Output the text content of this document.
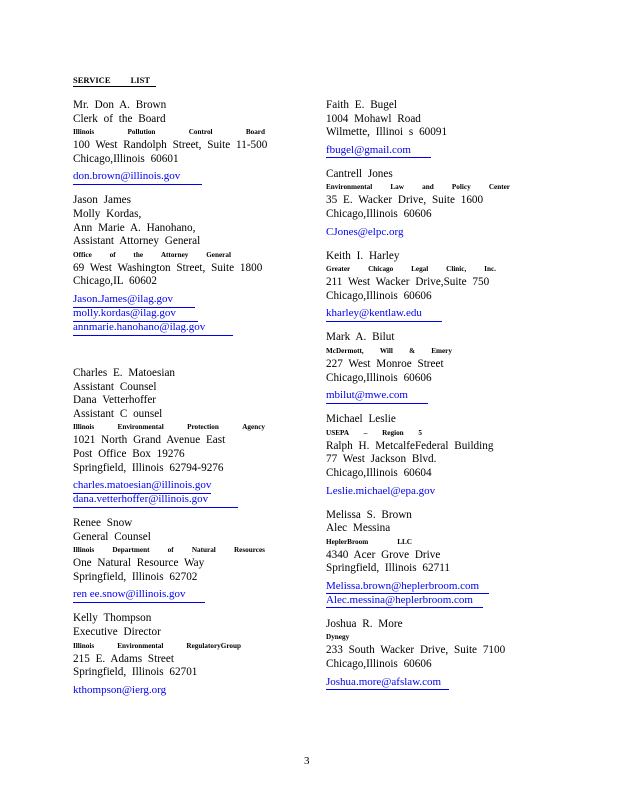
SERVICE LIST
Mr. Don A. Brown
Clerk of the Board
Illinois	Pollution	Control	Board
100 West Randolph Street, Suite 11-500
Chicago,Illinois 60601
don.brown@illinois.gov
Jason James
Molly Kordas,
Ann Marie A. Hanohano,
Assistant Attorney General
Office of the Attorney General
69 West Washington Street, Suite 1800
Chicago,IL 60602
Jason.James@ilag.gov
molly.kordas@ilag.gov
annmarie.hanohano@ilag.gov
Charles E. Matoesian
Assistant Counsel
Dana Vetterhoffer
Assistant C ounsel
Illinois	Environmental	Protection	Agency
1021 North Grand Avenue East
Post Office Box 19276
Springfield, Illinois 62794-9276
charles.matoesian@illinois.gov
dana.vetterhoffer@illinois.gov
Renee Snow
General Counsel
Illinois	Department	of	Natural	Resources
One Natural Resource Way
Springfield, Illinois 62702
ren ee.snow@illinois.gov
Kelly Thompson
Executive Director
Illinois	Environmental	RegulatoryGroup
215 E. Adams Street
Springfield, Illinois 62701
kthompson@ierg.org
Faith E. Bugel
1004 Mohawl Road
Wilmette, Illinoi s 60091
fbugel@gmail.com
Cantrell Jones
Environmental	Law	and	Policy	Center
35 E. Wacker Drive, Suite 1600
Chicago,Illinois 60606
CJones@elpc.org
Keith I. Harley
Greater Chicago Legal Clinic, Inc.
211 West Wacker Drive,Suite 750
Chicago,Illinois 60606
kharley@kentlaw.edu
Mark A. Bilut
McDermott, Will & Emery
227 West Monroe Street
Chicago,Illinois 60606
mbilut@mwe.com
Michael Leslie
USEPA – Region 5
Ralph H. MetcalfeFederal Building
77 West Jackson Blvd.
Chicago,Illinois 60604
Leslie.michael@epa.gov
Melissa S. Brown
Alec Messina
HeplerBroom	LLC
4340 Acer Grove Drive
Springfield, Illinois 62711
Melissa.brown@heplerbroom.com
Alec.messina@heplerbroom.com
Joshua R. More
Dynegy
233 South Wacker Drive, Suite 7100
Chicago,Illinois 60606
Joshua.more@afslaw.com
3
